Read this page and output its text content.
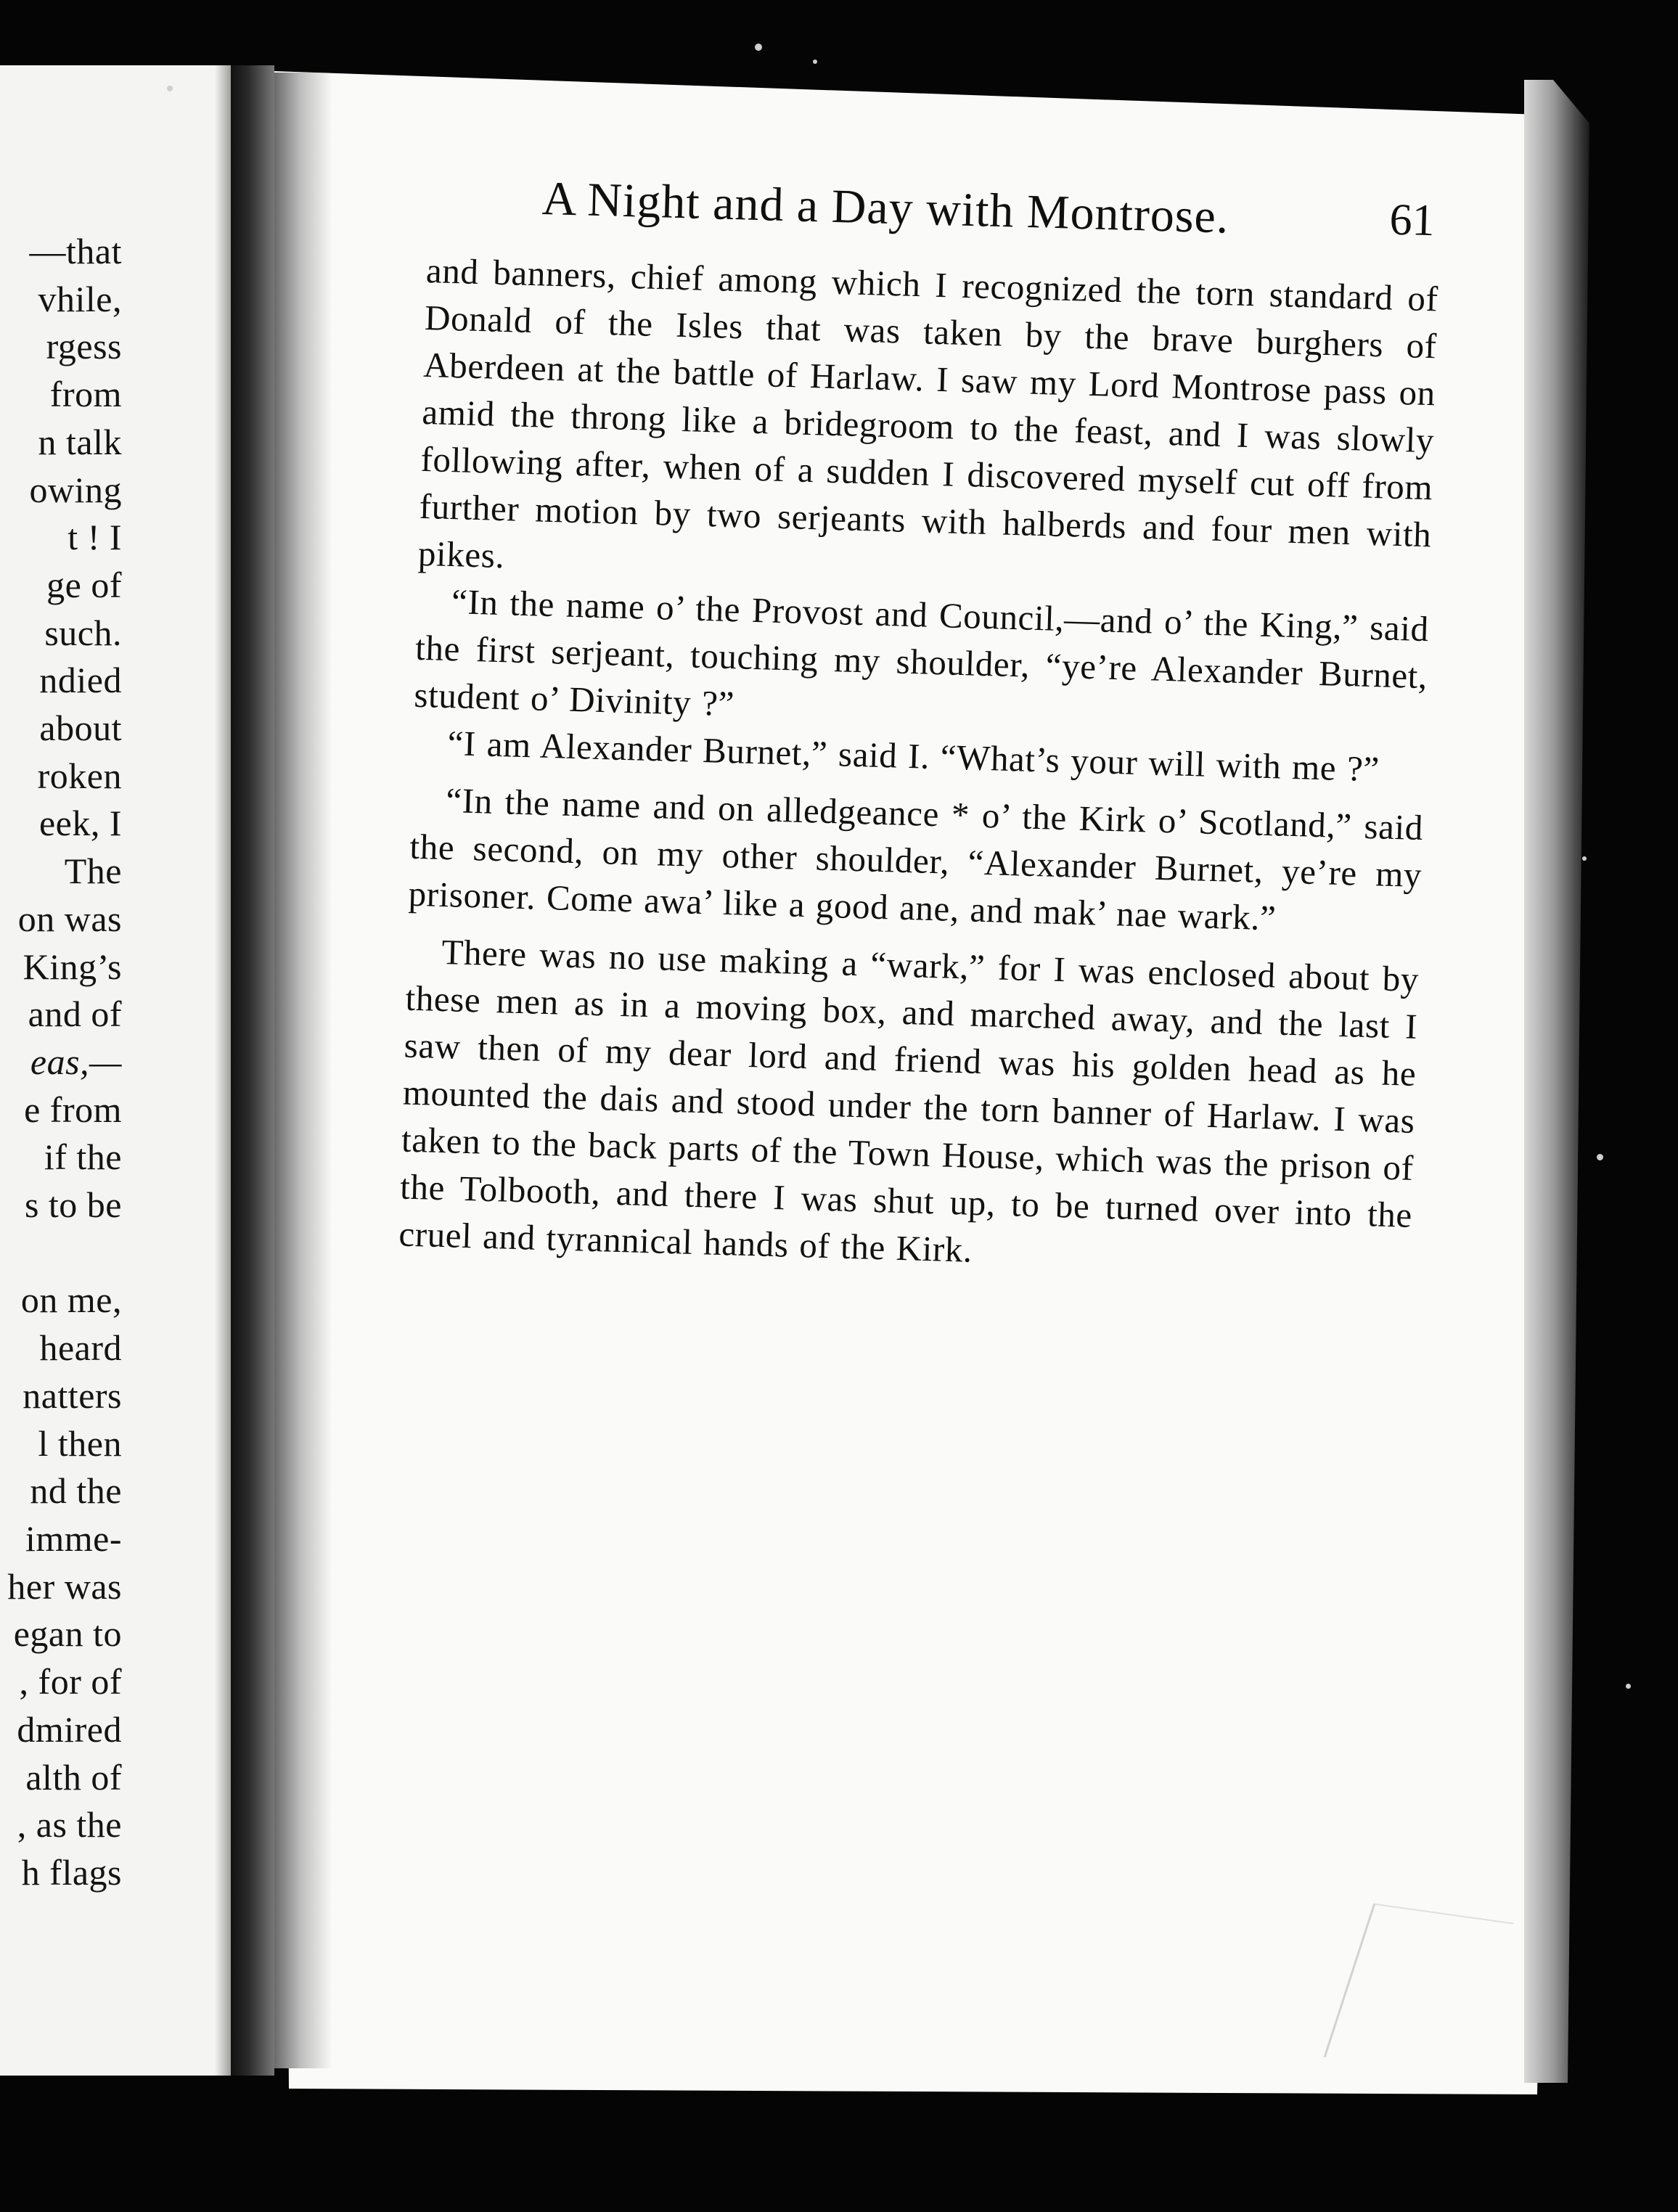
—that
vhile,
rgess
from
n talk
owing
t ! I
ge of
such.
ndied
about
roken
eek, I
The
on was
King’s
and of
eas,—
e from
if the
s to be

on me,
heard
natters
l then
nd the
imme-
her was
egan to
, for of
dmired
alth of
, as the
h flags
A Night and a Day with Montrose.	61

and banners, chief among which I recognized the torn standard of Donald of the Isles that was taken by the brave burghers of Aberdeen at the battle of Harlaw. I saw my Lord Montrose pass on amid the throng like a bridegroom to the feast, and I was slowly following after, when of a sudden I discovered myself cut off from further motion by two serjeants with halberds and four men with pikes.

“In the name o’ the Provost and Council,—and o’ the King,” said the first serjeant, touching my shoulder, “ye’re Alexander Burnet, student o’ Divinity ?”

“I am Alexander Burnet,” said I. “What’s your will with me ?”

“In the name and on alledgeance * o’ the Kirk o’ Scotland,” said the second, on my other shoulder, “Alexander Burnet, ye’re my prisoner. Come awa’ like a good ane, and mak’ nae wark.”

There was no use making a “wark,” for I was enclosed about by these men as in a moving box, and marched away, and the last I saw then of my dear lord and friend was his golden head as he mounted the dais and stood under the torn banner of Harlaw. I was taken to the back parts of the Town House, which was the prison of the Tolbooth, and there I was shut up, to be turned over into the cruel and tyrannical hands of the Kirk.
